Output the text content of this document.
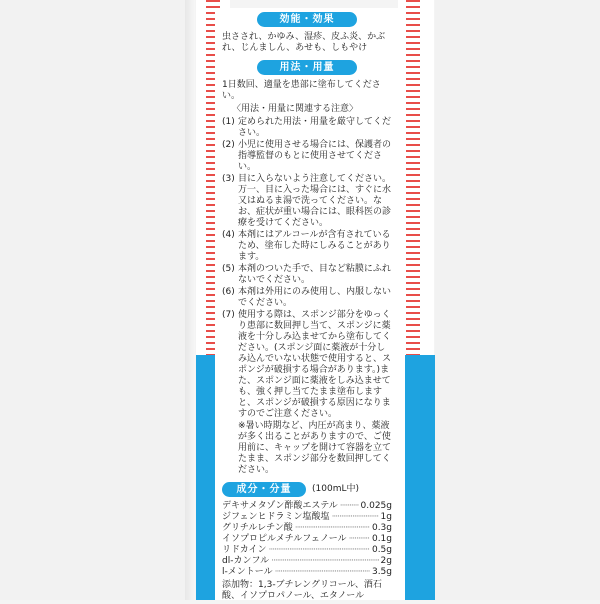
効能・効果
虫さされ、かゆみ、湿疹、皮ふ炎、かぶれ、じんましん、あせも、しもやけ
用法・用量
1日数回、適量を患部に塗布してください。
〈用法・用量に関連する注意〉
(1) 定められた用法・用量を厳守してください。
(2) 小児に使用させる場合には、保護者の指導監督のもとに使用させてください。
(3) 目に入らないよう注意してください。万一、目に入った場合には、すぐに水又はぬるま湯で洗ってください。なお、症状が重い場合には、眼科医の診療を受けてください。
(4) 本剤にはアルコールが含有されているため、塗布した時にしみることがあります。
(5) 本剤のついた手で、目など粘膜にふれないでください。
(6) 本剤は外用にのみ使用し、内服しないでください。
(7) 使用する際は、スポンジ部分をゆっくり患部に数回押し当て、スポンジに薬液を十分しみ込ませてから塗布してください。(スポンジ面に薬液が十分しみ込んでいない状態で使用すると、スポンジが破損する場合があります。)また、スポンジ面に薬液をしみ込ませても、強く押し当てたまま塗布しますと、スポンジが破損する原因になりますのでご注意ください。
※暑い時期など、内圧が高まり、薬液が多く出ることがありますので、ご使用前に、キャップを開けて容器を立てたまま、スポンジ部分を数回押してください。
成分・分量	(100mL中)
デキサメタゾン酢酸エステル ·····	0.025g
ジフェンヒドラミン塩酸塩 ·····	1g
グリチルレチン酸 ·····	0.3g
イソプロピルメチルフェノール ·····	0.1g
リドカイン ·····	0.5g
dl-カンフル ·····	2g
l-メントール ·····	3.5g
添加物：1,3-ブチレングリコール、酒石酸、イソプロパノール、エタノール
